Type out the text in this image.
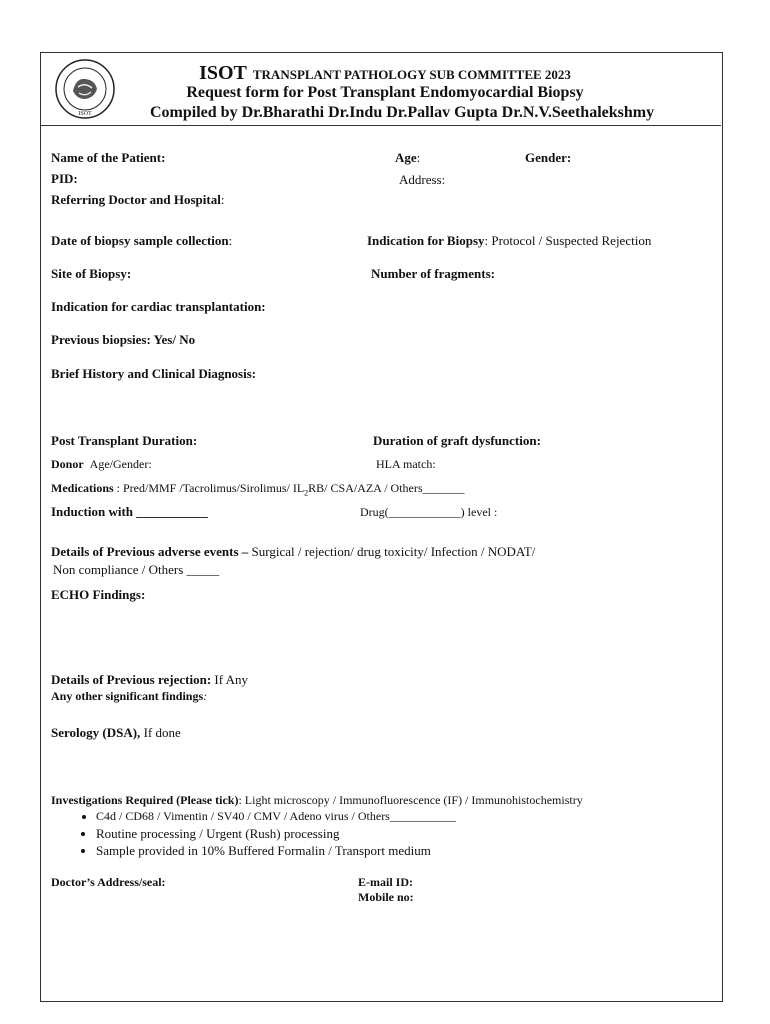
ISOT
ISOT TRANSPLANT PATHOLOGY SUB COMMITTEE 2023
Request form for Post Transplant Endomyocardial Biopsy
Compiled by Dr.Bharathi Dr.Indu Dr.Pallav Gupta Dr.N.V.Seethalekshmy
Name of the Patient:	Age:	Gender:
PID:	Address:
Referring Doctor and Hospital:
Date of biopsy sample collection:	Indication for Biopsy: Protocol / Suspected Rejection
Site of Biopsy:	Number of fragments:
Indication for cardiac transplantation:
Previous biopsies: Yes/ No
Brief History and Clinical Diagnosis:
Post Transplant Duration:	Duration of graft dysfunction:
Donor Age/Gender:	HLA match:
Medications : Pred/MMF /Tacrolimus/Sirolimus/ $IL_2RB/$ CSA/AZA / Others_______
Induction with ___________	Drug(____________) level :
Details of Previous adverse events – Surgical / rejection/ drug toxicity/ Infection / NODAT/
Non compliance / Others _____
ECHO Findings:
Details of Previous rejection: If Any
Any other significant findings:
Serology (DSA), If done
Investigations Required (Please tick): Light microscopy / Immunofluorescence (IF) / Immunohistochemistry
• C4d / CD68 / Vimentin / SV40 / CMV / Adeno virus / Others___________
• Routine processing / Urgent (Rush) processing
• Sample provided in 10% Buffered Formalin / Transport medium
Doctor’s Address/seal:	E-mail ID:
Mobile no:
